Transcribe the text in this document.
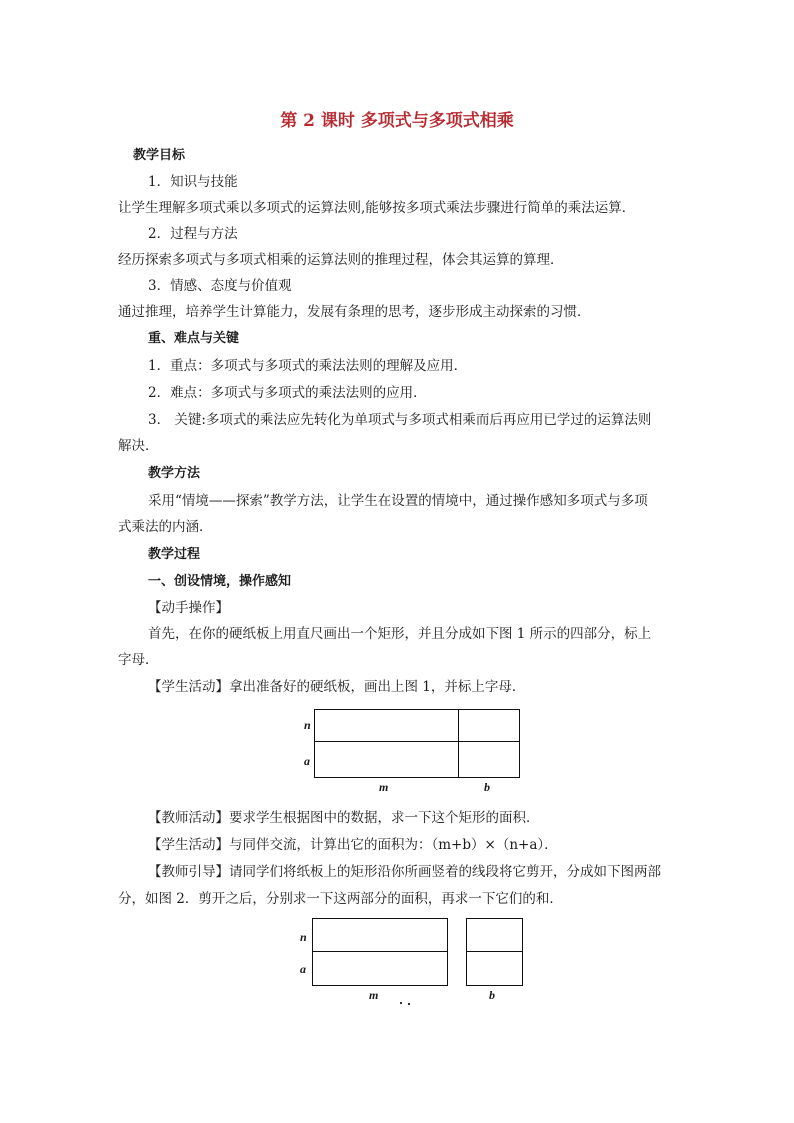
第 2 课时 多项式与多项式相乘
教学目标
1．知识与技能
让学生理解多项式乘以多项式的运算法则,能够按多项式乘法步骤进行简单的乘法运算．
2．过程与方法
经历探索多项式与多项式相乘的运算法则的推理过程，体会其运算的算理．
3．情感、态度与价值观
通过推理，培养学生计算能力，发展有条理的思考，逐步形成主动探索的习惯．
重、难点与关键
1．重点：多项式与多项式的乘法法则的理解及应用．
2．难点：多项式与多项式的乘法法则的应用．
3． 关键:多项式的乘法应先转化为单项式与多项式相乘而后再应用已学过的运算法则
解决．
教学方法
采用“情境——探索”教学方法，让学生在设置的情境中，通过操作感知多项式与多项
式乘法的内涵．
教学过程
一、创设情境，操作感知
【动手操作】
首先，在你的硬纸板上用直尺画出一个矩形，并且分成如下图 1 所示的四部分，标上
字母．
【学生活动】拿出准备好的硬纸板，画出上图 1，并标上字母．
n
a
m	b
【教师活动】要求学生根据图中的数据，求一下这个矩形的面积．
【学生活动】与同伴交流，计算出它的面积为：（m+b）×（n+a）．
【教师引导】请同学们将纸板上的矩形沿你所画竖着的线段将它剪开，分成如下图两部
分，如图 2．剪开之后，分别求一下这两部分的面积，再求一下它们的和．
n
a
m	b
